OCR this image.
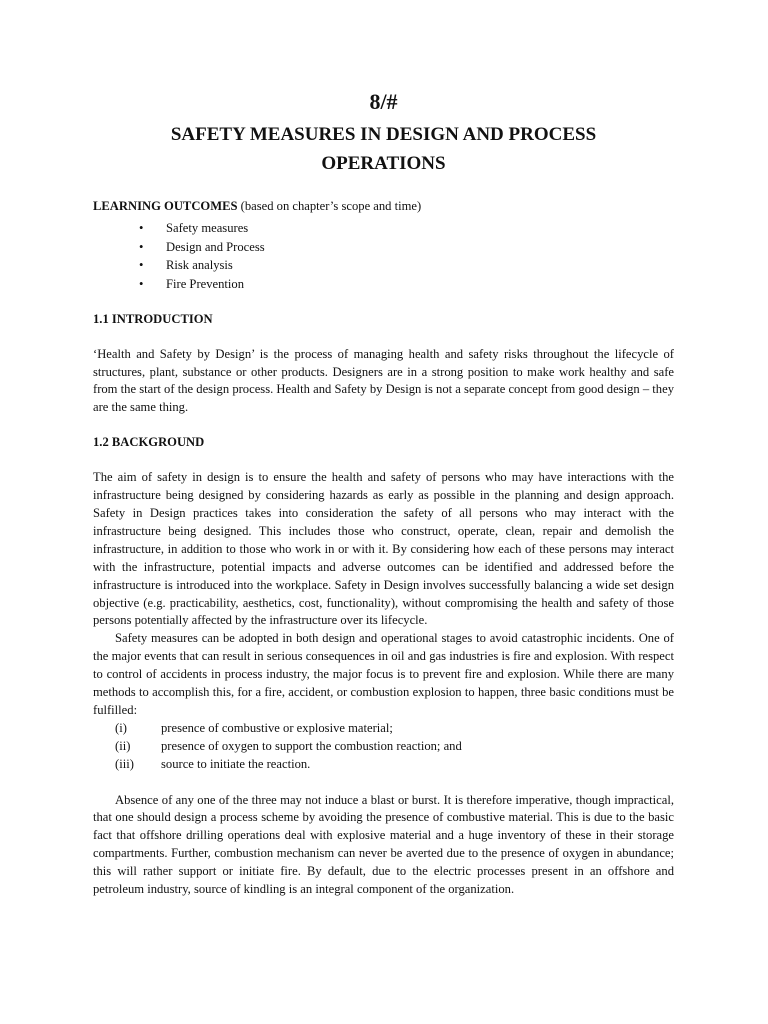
8/#
SAFETY MEASURES IN DESIGN AND PROCESS
OPERATIONS

LEARNING OUTCOMES (based on chapter’s scope and time)

• Safety measures
• Design and Process
• Risk analysis
• Fire Prevention
1.1 INTRODUCTION

‘Health and Safety by Design’ is the process of managing health and safety risks throughout the lifecycle of structures, plant, substance or other products. Designers are in a strong position to make work healthy and safe from the start of the design process. Health and Safety by Design is not a separate concept from good design – they are the same thing.

1.2 BACKGROUND

The aim of safety in design is to ensure the health and safety of persons who may have interactions with the infrastructure being designed by considering hazards as early as possible in the planning and design approach. Safety in Design practices takes into consideration the safety of all persons who may interact with the infrastructure being designed. This includes those who construct, operate, clean, repair and demolish the infrastructure, in addition to those who work in or with it. By considering how each of these persons may interact with the infrastructure, potential impacts and adverse outcomes can be identified and addressed before the infrastructure is introduced into the workplace. Safety in Design involves successfully balancing a wide set design objective (e.g. practicability, aesthetics, cost, functionality), without compromising the health and safety of those persons potentially affected by the infrastructure over its lifecycle.

Safety measures can be adopted in both design and operational stages to avoid catastrophic incidents. One of the major events that can result in serious consequences in oil and gas industries is fire and explosion. With respect to control of accidents in process industry, the major focus is to prevent fire and explosion. While there are many methods to accomplish this, for a fire, accident, or combustion explosion to happen, three basic conditions must be fulfilled:

(i)	presence of combustive or explosive material;
(ii) presence of oxygen to support the combustion reaction; and
(iii) source to initiate the reaction.

Absence of any one of the three may not induce a blast or burst. It is therefore imperative, though impractical, that one should design a process scheme by avoiding the presence of combustive material. This is due to the basic fact that offshore drilling operations deal with explosive material and a huge inventory of these in their storage compartments. Further, combustion mechanism can never be averted due to the presence of oxygen in abundance; this will rather support or initiate fire. By default, due to the electric processes present in an offshore and petroleum industry, source of kindling is an integral component of the organization.
